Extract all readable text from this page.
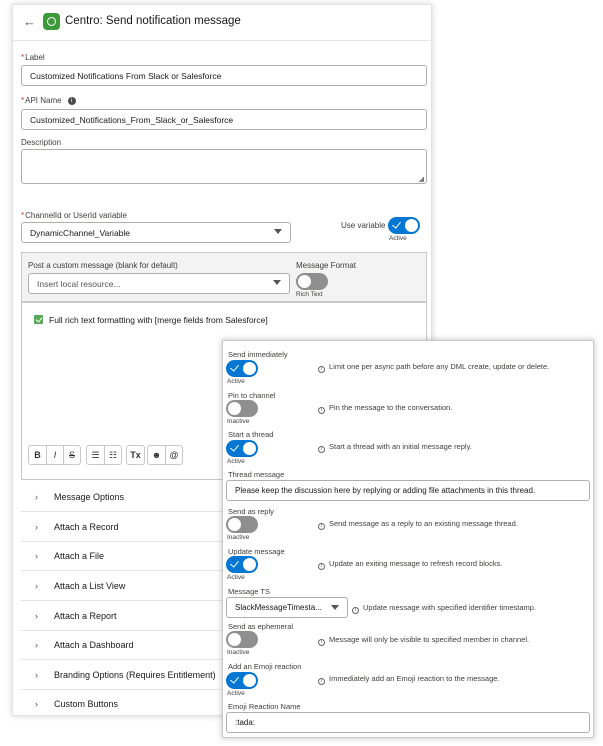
←	Centro: Send notification message
*Label
Customized Notifications From Slack or Salesforce
*API Name i
Customized_Notifications_From_Slack_or_Salesforce
Description
◢
*ChannelId or UserId variable
DynamicChannel_Variable
Use variable
Active
Post a custom message (blank for default)
Insert local resource...
Message Format
Rich Text
Full rich text formatting with [merge fields from Salesforce]
B	I	S	☰	☷	Tx	☻ @
› Message Options
› Attach a Record
› Attach a File
› Attach a List View
› Attach a Report
› Attach a Dashboard
› Branding Options (Requires Entitlement)
› Custom Buttons
Send immediately
Active
i Limit one per async path before any DML create, update or delete.
Pin to channel
Inactive
i Pin the message to the conversation.
Start a thread
Active
i Start a thread with an initial message reply.
Thread message
Please keep the discussion here by replying or adding file attachments in this thread.
Send as reply
Inactive
i Send message as a reply to an existing message thread.
Update message
Active
i Update an exiting message to refresh record blocks.
Message TS
SlackMessageTimesta...	i Update message with specified identifier timestamp.
Send as ephemeral
Inactive
i Message will only be visible to specified member in channel.
Add an Emoji reaction
Active
i Immediately add an Emoji reaction to the message.
Emoji Reaction Name
:tada:
